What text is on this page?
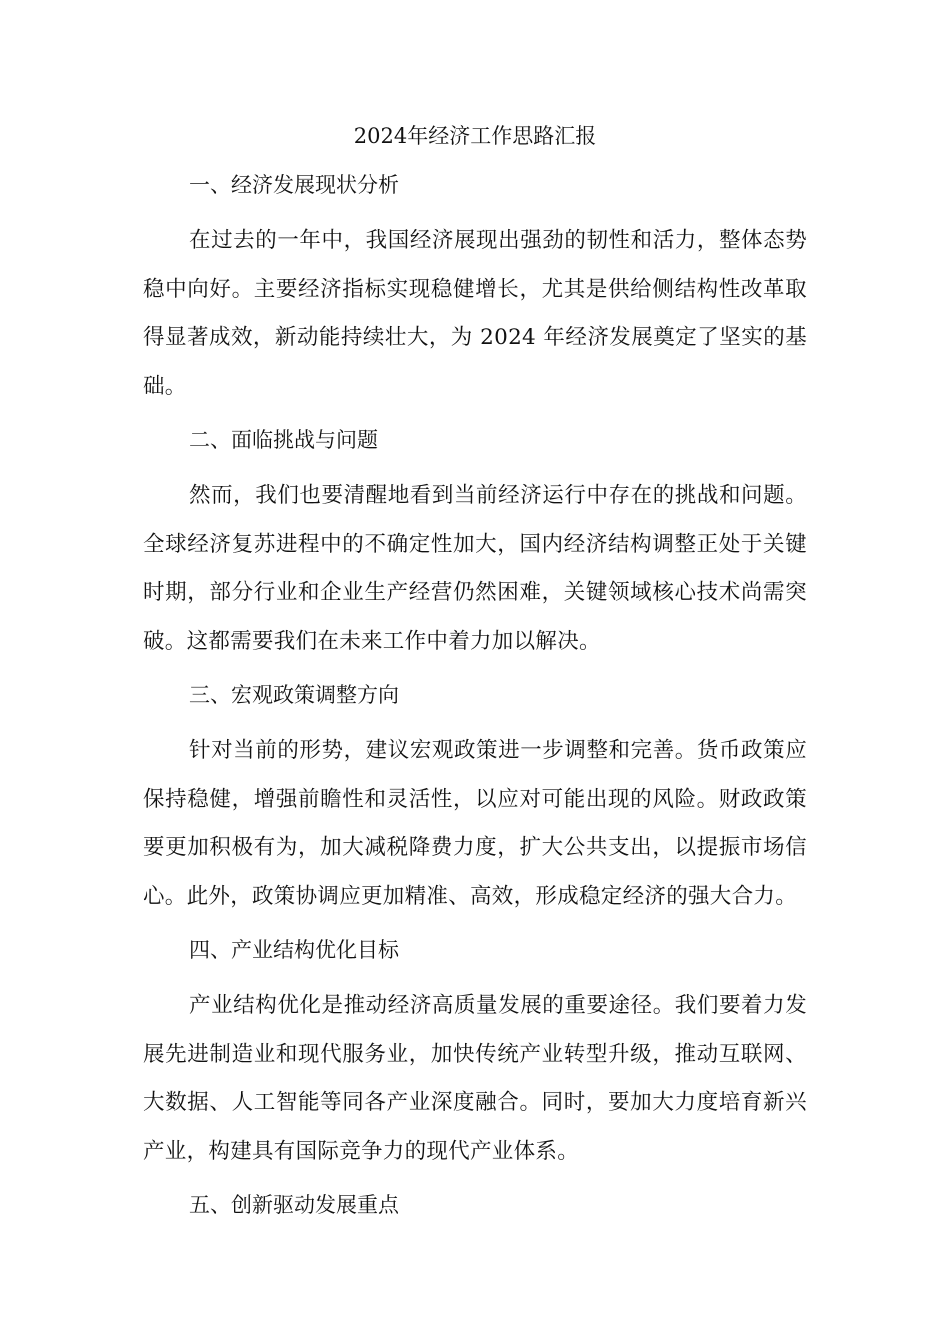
2024年经济工作思路汇报
一、经济发展现状分析

在过去的一年中，我国经济展现出强劲的韧性和活力，整体态势稳中向好。主要经济指标实现稳健增长，尤其是供给侧结构性改革取得显著成效，新动能持续壮大，为 2024 年经济发展奠定了坚实的基础。

二、面临挑战与问题

然而，我们也要清醒地看到当前经济运行中存在的挑战和问题。全球经济复苏进程中的不确定性加大，国内经济结构调整正处于关键时期，部分行业和企业生产经营仍然困难，关键领域核心技术尚需突破。这都需要我们在未来工作中着力加以解决。

三、宏观政策调整方向

针对当前的形势，建议宏观政策进一步调整和完善。货币政策应保持稳健，增强前瞻性和灵活性，以应对可能出现的风险。财政政策要更加积极有为，加大减税降费力度，扩大公共支出，以提振市场信心。此外，政策协调应更加精准、高效，形成稳定经济的强大合力。

四、产业结构优化目标

产业结构优化是推动经济高质量发展的重要途径。我们要着力发展先进制造业和现代服务业，加快传统产业转型升级，推动互联网、大数据、人工智能等同各产业深度融合。同时，要加大力度培育新兴产业，构建具有国际竞争力的现代产业体系。

五、创新驱动发展重点
